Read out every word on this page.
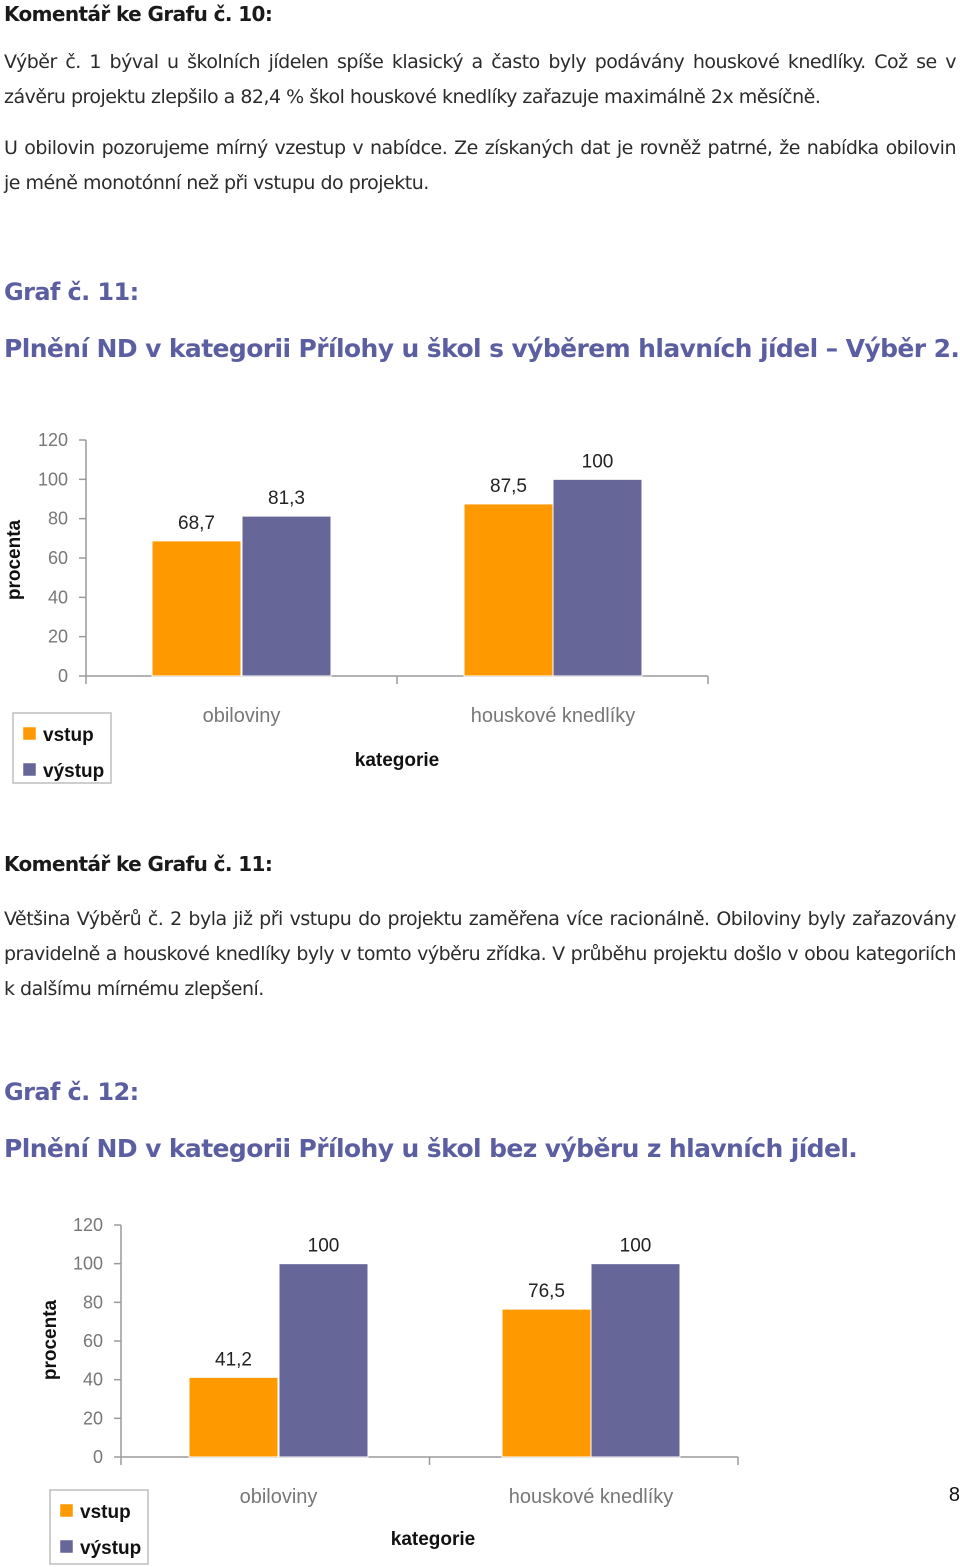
Komentář ke Grafu č. 10:

Výběr č. 1 býval u školních jídelen spíše klasický a často byly podávány houskové knedlíky. Což se v závěru projektu zlepšilo a 82,4 % škol houskové knedlíky zařazuje maximálně 2x měsíčně.

U obilovin pozorujeme mírný vzestup v nabídce. Ze získaných dat je rovněž patrné, že nabídka obilovin je méně monotónní než při vstupu do projektu.

Graf č. 11:
Plnění ND v kategorii Přílohy u škol s výběrem hlavních jídel – Výběr 2.
0
20
40
60
80
100
120
68,7
81,3
obiloviny
87,5
100
houskové knedlíky
procenta
kategorie
vstup
výstup
Komentář ke Grafu č. 11:

Většina Výběrů č. 2 byla již při vstupu do projektu zaměřena více racionálně. Obiloviny byly zařazovány pravidelně a houskové knedlíky byly v tomto výběru zřídka. V průběhu projektu došlo v obou kategoriích k dalšímu mírnému zlepšení.

Graf č. 12:
Plnění ND v kategorii Přílohy u škol bez výběru z hlavních jídel.
0
20
40
60
80
100
120
41,2
100
obiloviny
76,5
100
houskové knedlíky
procenta
kategorie
vstup
výstup
8
